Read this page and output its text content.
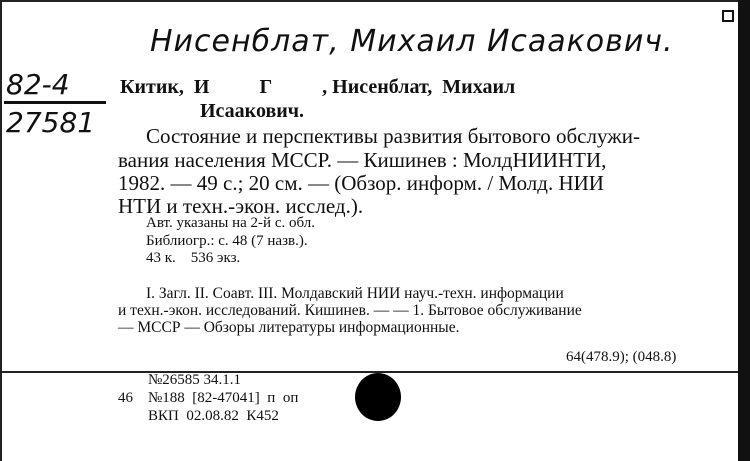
Нисенблат, Михаил Исаакович.
82-4
27581
Китик,  И          Г          , Нисенблат,  Михаил
Исаакович.
Состояние и перспективы развития бытового обслужи-
вания населения МССР. — Кишинев : МолдНИИНТИ,
1982. — 49 с.; 20 см. — (Обзор. информ. / Молд. НИИ
НТИ и техн.-экон. исслед.).
Авт. указаны на 2-й с. обл.
Библиогр.: с. 48 (7 назв.).
43 к.    536 экз.
I. Загл. II. Соавт. III. Молдавский НИИ науч.-техн. информации
и техн.-экон. исследований. Кишинев. — — 1. Бытовое обслуживание
— МССР — Обзоры литературы информационные.
64(478.9); (048.8)
№26585 34.1.1
46 №188  [82-47041]  п  оп
ВКП  02.08.82  К452
